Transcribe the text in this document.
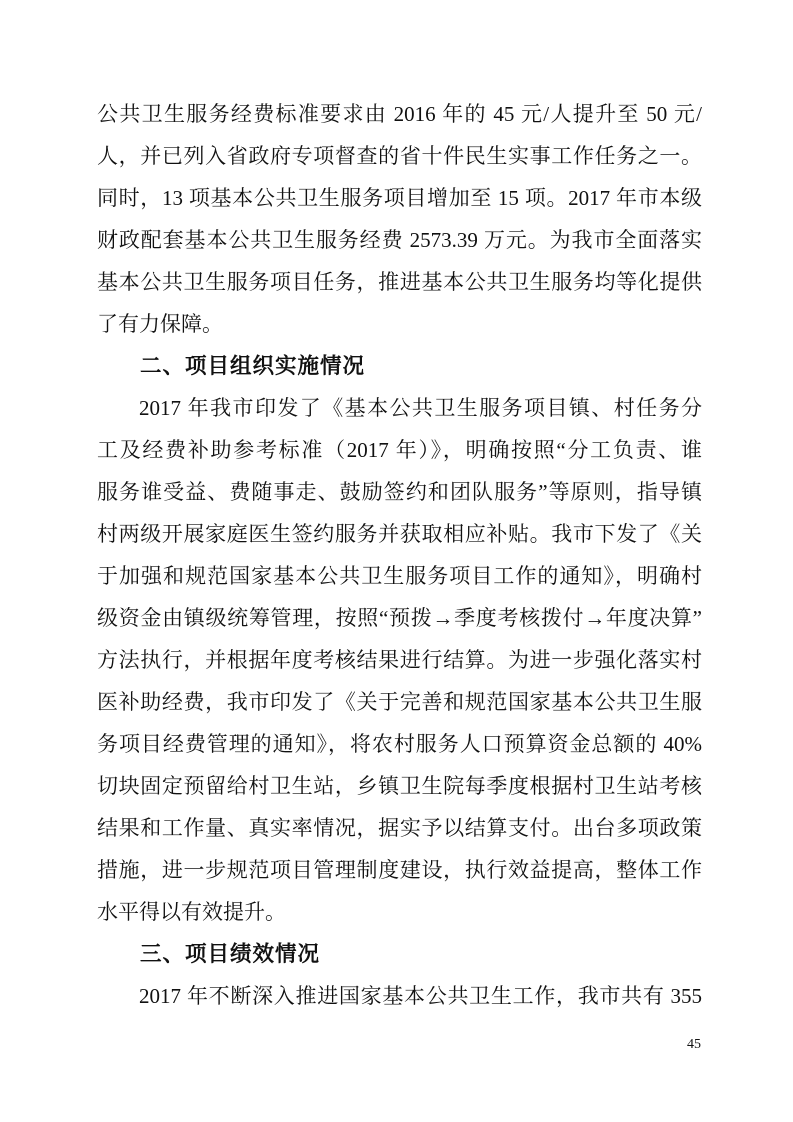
公共卫生服务经费标准要求由 2016 年的 45 元/人提升至 50 元/
人，并已列入省政府专项督查的省十件民生实事工作任务之一。
同时，13 项基本公共卫生服务项目增加至 15 项。2017 年市本级
财政配套基本公共卫生服务经费 2573.39 万元。为我市全面落实
基本公共卫生服务项目任务，推进基本公共卫生服务均等化提供
了有力保障。
二、项目组织实施情况
2017 年我市印发了《基本公共卫生服务项目镇、村任务分
工及经费补助参考标准（2017 年）》，明确按照“分工负责、谁
服务谁受益、费随事走、鼓励签约和团队服务”等原则，指导镇
村两级开展家庭医生签约服务并获取相应补贴。我市下发了《关
于加强和规范国家基本公共卫生服务项目工作的通知》，明确村
级资金由镇级统筹管理，按照“预拨→季度考核拨付→年度决算”
方法执行，并根据年度考核结果进行结算。为进一步强化落实村
医补助经费，我市印发了《关于完善和规范国家基本公共卫生服
务项目经费管理的通知》，将农村服务人口预算资金总额的 40%
切块固定预留给村卫生站，乡镇卫生院每季度根据村卫生站考核
结果和工作量、真实率情况，据实予以结算支付。出台多项政策
措施，进一步规范项目管理制度建设，执行效益提高，整体工作
水平得以有效提升。
三、项目绩效情况
2017 年不断深入推进国家基本公共卫生工作，我市共有 355
45
